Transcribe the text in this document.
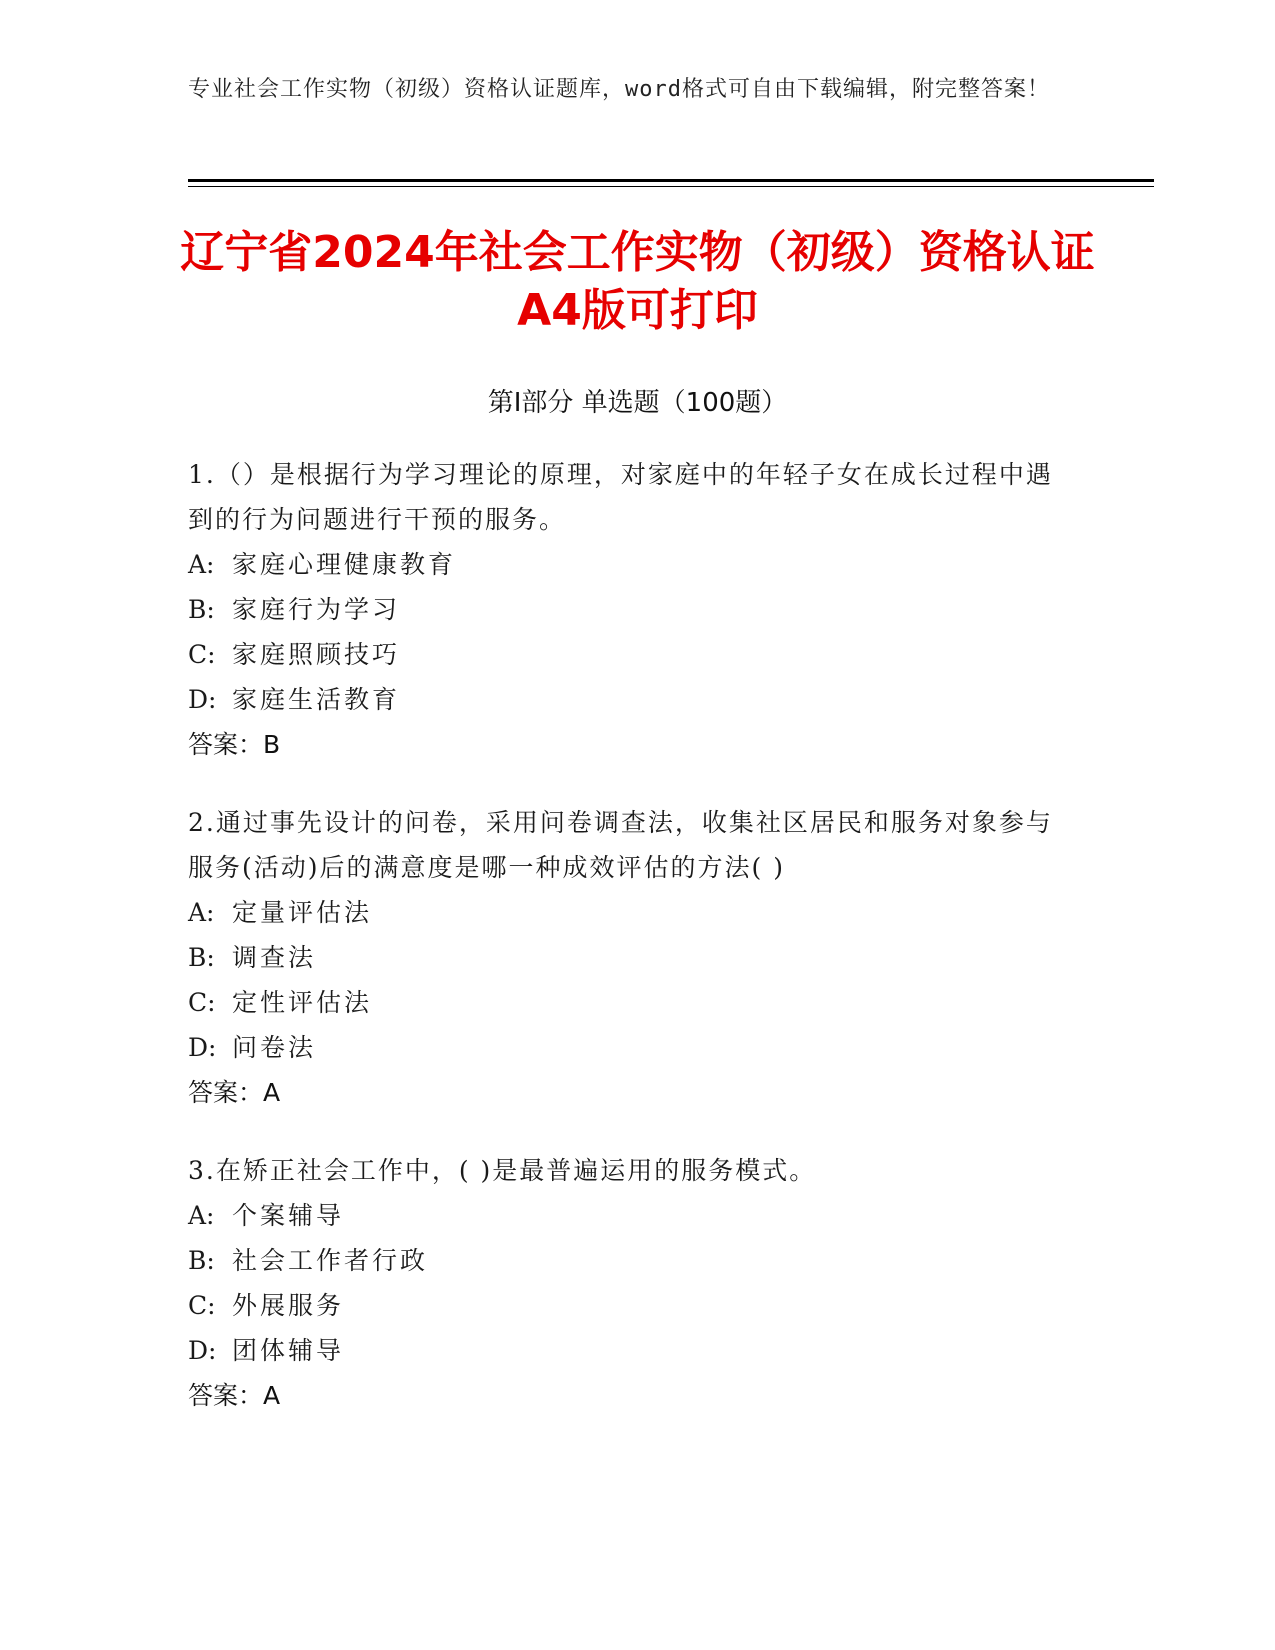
专业社会工作实物（初级）资格认证题库，word格式可自由下载编辑，附完整答案！
辽宁省2024年社会工作实物（初级）资格认证A4版可打印
第Ⅰ部分 单选题（100题）
1.（）是根据行为学习理论的原理，对家庭中的年轻子女在成长过程中遇到的行为问题进行干预的服务。
A: 家庭心理健康教育
B: 家庭行为学习
C: 家庭照顾技巧
D: 家庭生活教育
答案：B
2.通过事先设计的问卷，采用问卷调查法，收集社区居民和服务对象参与服务(活动)后的满意度是哪一种成效评估的方法( )
A: 定量评估法
B: 调查法
C: 定性评估法
D: 问卷法
答案：A
3.在矫正社会工作中，( )是最普遍运用的服务模式。
A: 个案辅导
B: 社会工作者行政
C: 外展服务
D: 团体辅导
答案：A
